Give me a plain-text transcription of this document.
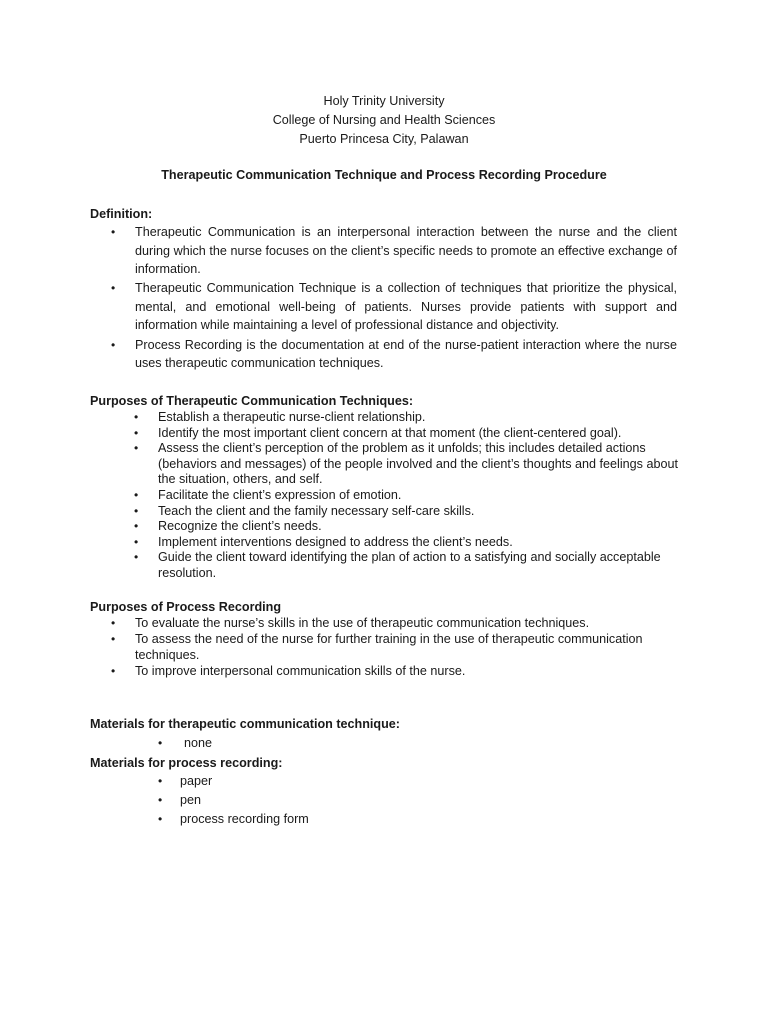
Holy Trinity University
College of Nursing and Health Sciences
Puerto Princesa City, Palawan
Therapeutic Communication Technique and Process Recording Procedure
Definition:
• Therapeutic Communication is an interpersonal interaction between the nurse and the client during which the nurse focuses on the client’s specific needs to promote an effective exchange of information.
• Therapeutic Communication Technique is a collection of techniques that prioritize the physical, mental, and emotional well-being of patients. Nurses provide patients with support and information while maintaining a level of professional distance and objectivity.
• Process Recording is the documentation at end of the nurse-patient interaction where the nurse uses therapeutic communication techniques.
Purposes of Therapeutic Communication Techniques:
• Establish a therapeutic nurse-client relationship.
• Identify the most important client concern at that moment (the client-centered goal).
• Assess the client’s perception of the problem as it unfolds; this includes detailed actions (behaviors and messages) of the people involved and the client’s thoughts and feelings about the situation, others, and self.
• Facilitate the client’s expression of emotion.
• Teach the client and the family necessary self-care skills.
• Recognize the client’s needs.
• Implement interventions designed to address the client’s needs.
• Guide the client toward identifying the plan of action to a satisfying and socially acceptable resolution.
Purposes of Process Recording
• To evaluate the nurse’s skills in the use of therapeutic communication techniques.
• To assess the need of the nurse for further training in the use of therapeutic communication techniques.
• To improve interpersonal communication skills of the nurse.
Materials for therapeutic communication technique:
• none
Materials for process recording:
• paper
• pen
• process recording form
